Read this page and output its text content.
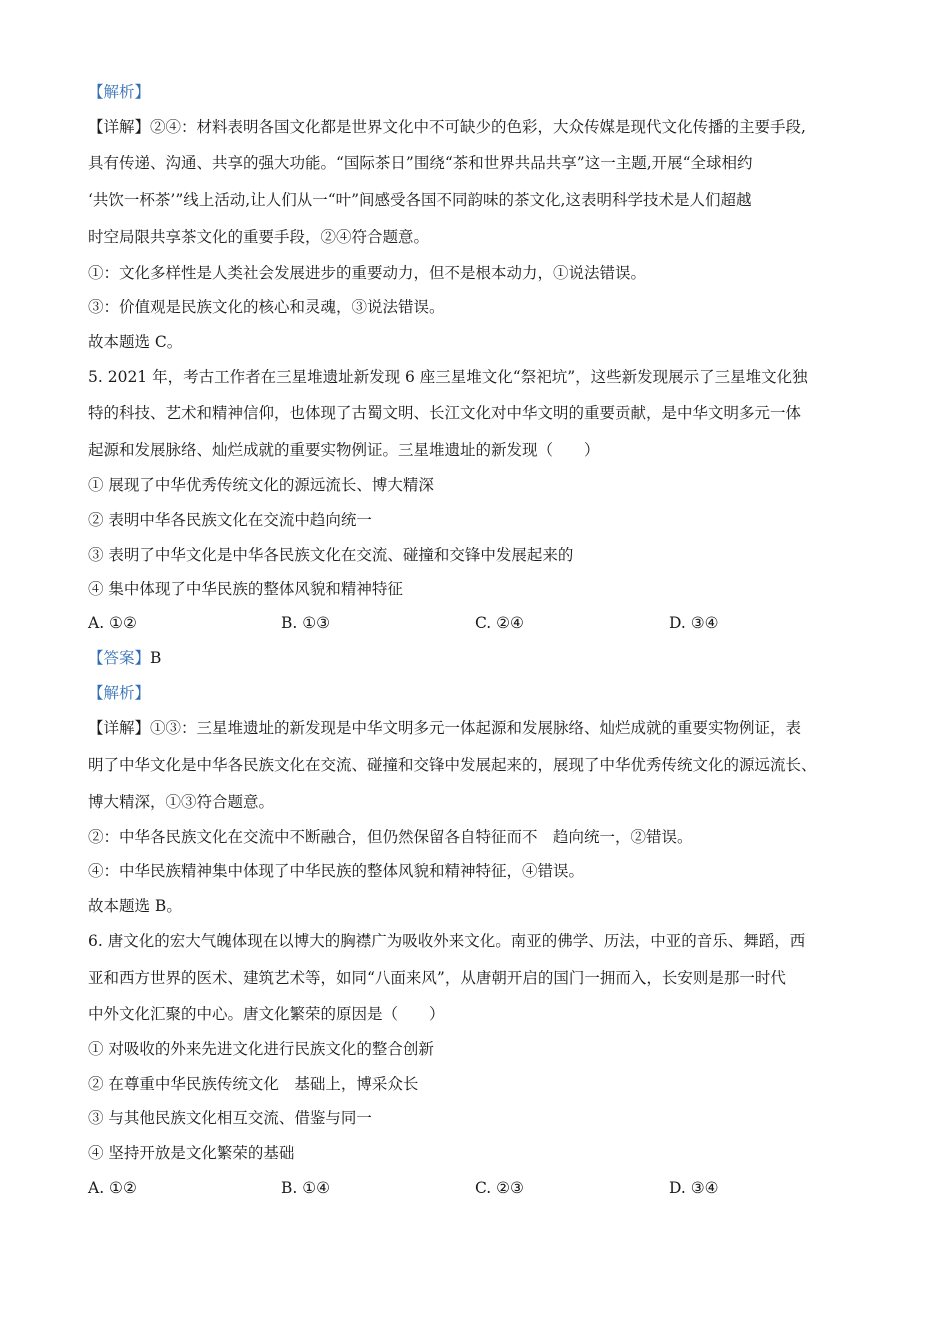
【解析】
【详解】②④：材料表明各国文化都是世界文化中不可缺少的色彩，大众传媒是现代文化传播的主要手段,
具有传递、沟通、共享的强大功能。“国际茶日”围绕“茶和世界共品共享”这一主题,开展“全球相约
‘共饮一杯茶’”线上活动,让人们从一“叶”间感受各国不同韵味的茶文化,这表明科学技术是人们超越
时空局限共享茶文化的重要手段，②④符合题意。
①：文化多样性是人类社会发展进步的重要动力，但不是根本动力，①说法错误。
③：价值观是民族文化的核心和灵魂，③说法错误。
故本题选 C。
5. 2021 年，考古工作者在三星堆遗址新发现 6 座三星堆文化“祭祀坑”，这些新发现展示了三星堆文化独
特的科技、艺术和精神信仰，也体现了古蜀文明、长江文化对中华文明的重要贡献，是中华文明多元一体
起源和发展脉络、灿烂成就的重要实物例证。三星堆遗址的新发现（　　）
① 展现了中华优秀传统文化的源远流长、博大精深
② 表明中华各民族文化在交流中趋向统一
③ 表明了中华文化是中华各民族文化在交流、碰撞和交锋中发展起来的
④ 集中体现了中华民族的整体风貌和精神特征
A. ①②	B. ①③	C. ②④	D. ③④
【答案】B
【解析】
【详解】①③：三星堆遗址的新发现是中华文明多元一体起源和发展脉络、灿烂成就的重要实物例证，表
明了中华文化是中华各民族文化在交流、碰撞和交锋中发展起来的，展现了中华优秀传统文化的源远流长、
博大精深，①③符合题意。
②：中华各民族文化在交流中不断融合，但仍然保留各自特征而不　趋向统一，②错误。
④：中华民族精神集中体现了中华民族的整体风貌和精神特征，④错误。
故本题选 B。
6. 唐文化的宏大气魄体现在以博大的胸襟广为吸收外来文化。南亚的佛学、历法，中亚的音乐、舞蹈，西
亚和西方世界的医术、建筑艺术等，如同“八面来风”，从唐朝开启的国门一拥而入，长安则是那一时代
中外文化汇聚的中心。唐文化繁荣的原因是（　　）
① 对吸收的外来先进文化进行民族文化的整合创新
② 在尊重中华民族传统文化　基础上，博采众长
③ 与其他民族文化相互交流、借鉴与同一
④ 坚持开放是文化繁荣的基础
A. ①②	B. ①④	C. ②③	D. ③④
